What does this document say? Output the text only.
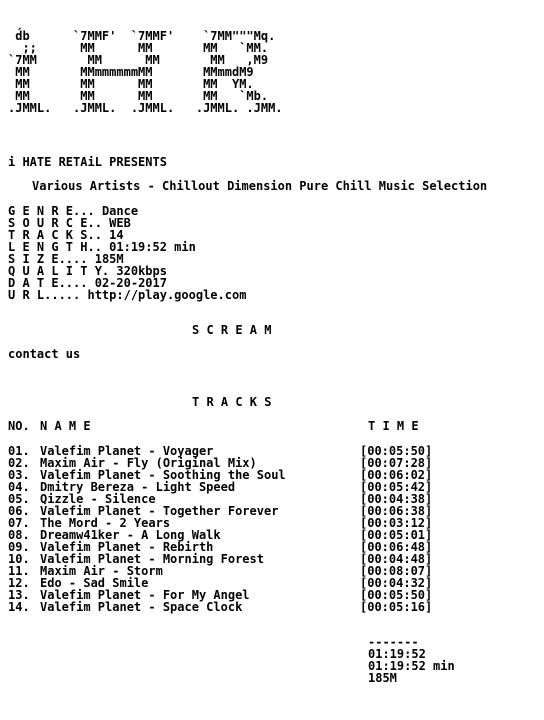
d́b      `7MMF'  `7MMF'    `7MM"""Mq.
;;      MM      MM       MM   `MM.
`7MM       MM      MM       MM   ,M9
MM       MMmmmmmmMM       MMmmdM9
MM       MM      MM       MM  YM.
MM       MM      MM       MM   `Mb.
.JMML.   .JMML.  .JMML.   .JMML. .JMM.
i HATE RETAiL PRESENTS
Various Artists - Chillout Dimension Pure Chill Music Selection
G E N R E... Dance
S O U R C E.. WEB
T R A C K S.. 14
L E N G T H.. 01:19:52 min
S I Z E.... 185M
Q U A L I T Y. 320kbps
D A T E.... 02-20-2017
U R L..... http://play.google.com
S C R E A M
contact us
T R A C K S
NO. N A M E	T I M E
01. Valefim Planet - Voyager	[00:05:50]
02. Maxim Air - Fly (Original Mix)	[00:07:28]
03. Valefim Planet - Soothing the Soul	[00:06:02]
04. Dmitry Bereza - Light Speed	[00:05:42]
05. Qizzle - Silence	[00:04:38]
06. Valefim Planet - Together Forever	[00:06:38]
07. The Mord - 2 Years	[00:03:12]
08. Dreamw41ker - A Long Walk	[00:05:01]
09. Valefim Planet - Rebirth	[00:06:48]
10. Valefim Planet - Morning Forest	[00:04:48]
11. Maxim Air - Storm	[00:08:07]
12. Edo - Sad Smile	[00:04:32]
13. Valefim Planet - For My Angel	[00:05:50]
14. Valefim Planet - Space Clock	[00:05:16]
-------
01:19:52
01:19:52 min
185M
